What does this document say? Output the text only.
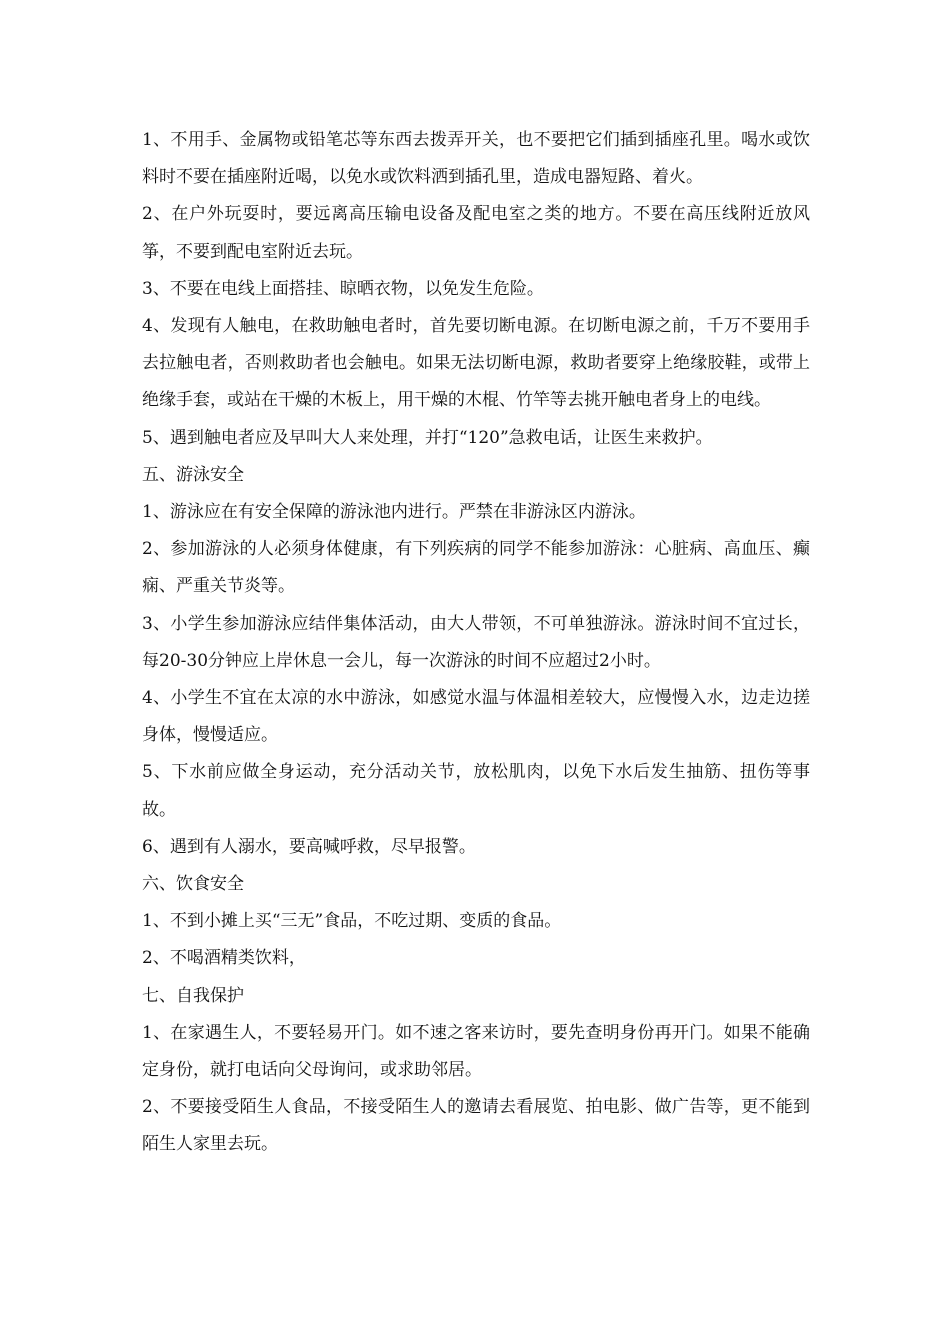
1、不用手、金属物或铅笔芯等东西去拨弄开关，也不要把它们插到插座孔里。喝水或饮料时不要在插座附近喝，以免水或饮料洒到插孔里，造成电器短路、着火。

2、在户外玩耍时，要远离高压输电设备及配电室之类的地方。不要在高压线附近放风筝，不要到配电室附近去玩。

3、不要在电线上面搭挂、晾晒衣物，以免发生危险。

4、发现有人触电，在救助触电者时，首先要切断电源。在切断电源之前，千万不要用手去拉触电者，否则救助者也会触电。如果无法切断电源，救助者要穿上绝缘胶鞋，或带上绝缘手套，或站在干燥的木板上，用干燥的木棍、竹竿等去挑开触电者身上的电线。

5、遇到触电者应及早叫大人来处理，并打“120”急救电话，让医生来救护。

五、游泳安全

1、游泳应在有安全保障的游泳池内进行。严禁在非游泳区内游泳。

2、参加游泳的人必须身体健康，有下列疾病的同学不能参加游泳：心脏病、高血压、癫痫、严重关节炎等。

3、小学生参加游泳应结伴集体活动，由大人带领，不可单独游泳。游泳时间不宜过长，每20-30分钟应上岸休息一会儿，每一次游泳的时间不应超过2小时。

4、小学生不宜在太凉的水中游泳，如感觉水温与体温相差较大，应慢慢入水，边走边搓身体，慢慢适应。

5、下水前应做全身运动，充分活动关节，放松肌肉，以免下水后发生抽筋、扭伤等事故。

6、遇到有人溺水，要高喊呼救，尽早报警。

六、饮食安全

1、不到小摊上买“三无”食品，不吃过期、变质的食品。

2、不喝酒精类饮料，

七、自我保护

1、在家遇生人，不要轻易开门。如不速之客来访时，要先查明身份再开门。如果不能确定身份，就打电话向父母询问，或求助邻居。

2、不要接受陌生人食品，不接受陌生人的邀请去看展览、拍电影、做广告等，更不能到陌生人家里去玩。
